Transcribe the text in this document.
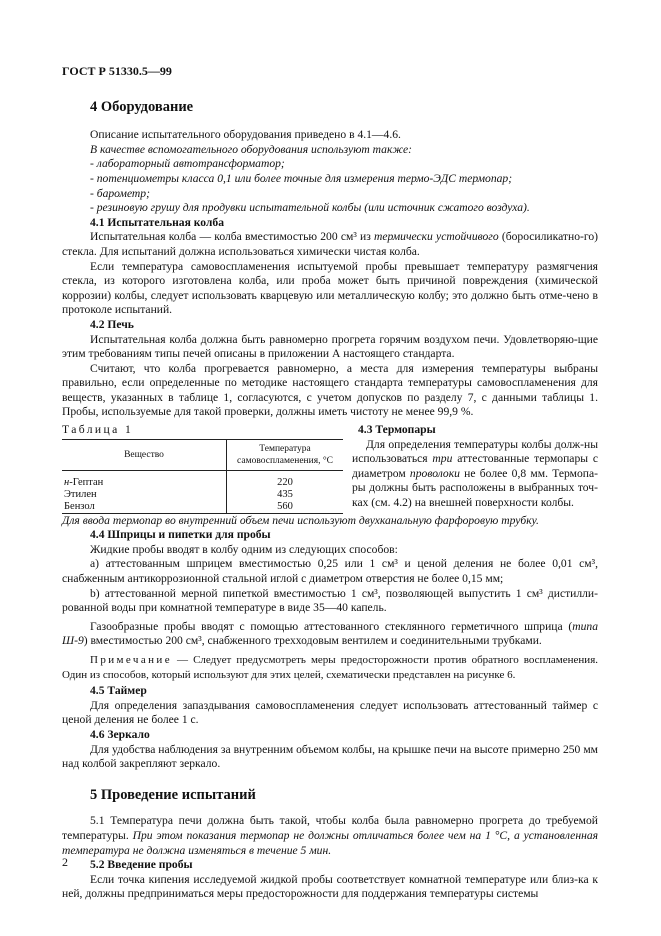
ГОСТ Р 51330.5—99
4 Оборудование

Описание испытательного оборудования приведено в 4.1—4.6.

В качестве вспомогательного оборудования используют также:

- лабораторный автотрансформатор;

- потенциометры класса 0,1 или более точные для измерения термо-ЭДС термопар;

- барометр;

- резиновую грушу для продувки испытательной колбы (или источник сжатого воздуха).

4.1 Испытательная колба

Испытательная колба — колба вместимостью 200 см³ из термически устойчивого (боросиликатно-го) стекла. Для испытаний должна использоваться химически чистая колба.

Если температура самовоспламенения испытуемой пробы превышает температуру размягчения стекла, из которого изготовлена колба, или проба может быть причиной повреждения (химической коррозии) колбы, следует использовать кварцевую или металлическую колбу; это должно быть отме-чено в протоколе испытаний.

4.2 Печь

Испытательная колба должна быть равномерно прогрета горячим воздухом печи. Удовлетворяю-щие этим требованиям типы печей описаны в приложении А настоящего стандарта.

Считают, что колба прогревается равномерно, а места для измерения температуры выбраны правильно, если определенные по методике настоящего стандарта температуры самовоспламенения для веществ, указанных в таблице 1, согласуются, с учетом допусков по разделу 7, с данными таблицы 1. Пробы, используемые для такой проверки, должны иметь чистоту не менее 99,9 %.

Таблица 1
Вещество	Температура самовоспламенения, °С
н-Гептан	220
Этилен	435
Бензол	560

4.3 Термопары

Для определения температуры колбы долж-ны использоваться три аттестованные термопары с диаметром проволоки не более 0,8 мм. Термопа-ры должны быть расположены в выбранных точ-ках (см. 4.2) на внешней поверхности колбы.

Для ввода термопар во внутренний объем печи используют двухканальную фарфоровую трубку.

4.4 Шприцы и пипетки для пробы

Жидкие пробы вводят в колбу одним из следующих способов:

а) аттестованным шприцем вместимостью 0,25 или 1 см³ и ценой деления не более 0,01 см³, снабженным антикоррозионной стальной иглой с диаметром отверстия не более 0,15 мм;

b) аттестованной мерной пипеткой вместимостью 1 см³, позволяющей выпустить 1 см³ дистилли-рованной воды при комнатной температуре в виде 35—40 капель.

Газообразные пробы вводят с помощью аттестованного стеклянного герметичного шприца (типа Ш-9) вместимостью 200 см³, снабженного трехходовым вентилем и соединительными трубками.

Примечание — Следует предусмотреть меры предосторожности против обратного воспламенения. Один из способов, который используют для этих целей, схематически представлен на рисунке 6.

4.5 Таймер

Для определения запаздывания самовоспламенения следует использовать аттестованный таймер с ценой деления не более 1 с.

4.6 Зеркало

Для удобства наблюдения за внутренним объемом колбы, на крышке печи на высоте примерно 250 мм над колбой закрепляют зеркало.

5 Проведение испытаний

5.1 Температура печи должна быть такой, чтобы колба была равномерно прогрета до требуемой температуры. При этом показания термопар не должны отличаться более чем на 1 °С, а установленная температура не должна изменяться в течение 5 мин.

5.2 Введение пробы

Если точка кипения исследуемой жидкой пробы соответствует комнатной температуре или близ-ка к ней, должны предприниматься меры предосторожности для поддержания температуры системы

2
